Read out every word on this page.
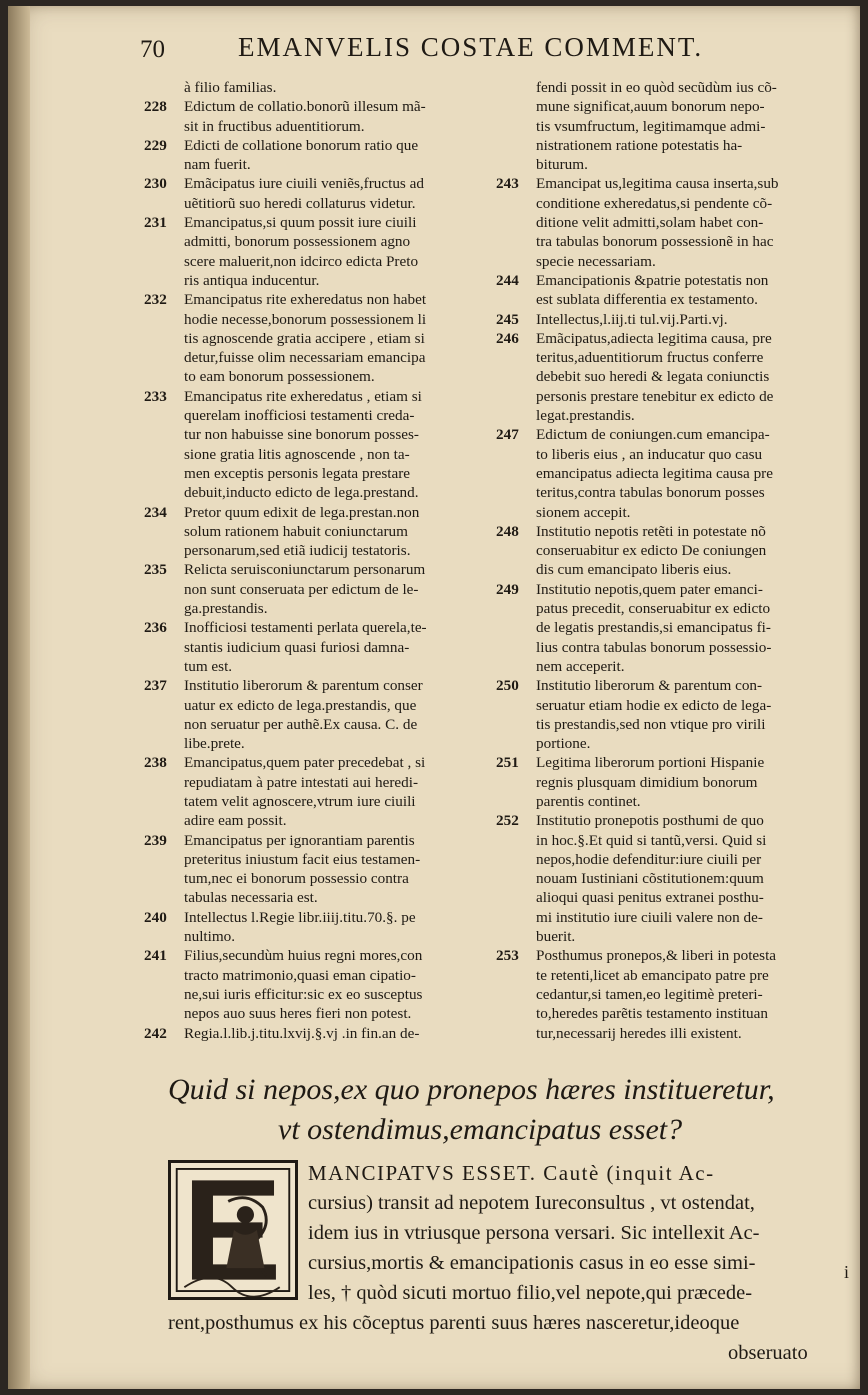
70	EMANVELIS COSTAE COMMENT.
à filio familias.
228	Edictum de collatio.bonorũ illesum mã-
sit in fructibus aduentitiorum.
229	Edicti de collatione bonorum ratio que
nam fuerit.
230	Emãcipatus iure ciuili veniẽs,fructus ad
uẽtitiorũ suo heredi collaturus videtur.
231	Emancipatus,si quum possit iure ciuili
admitti, bonorum possessionem agno
scere maluerit,non idcirco edicta Preto
ris antiqua inducentur.
232	Emancipatus rite exheredatus non habet
hodie necesse,bonorum possessionem li
tis agnoscende gratia accipere , etiam si
detur,fuisse olim necessariam emancipa
to eam bonorum possessionem.
233	Emancipatus rite exheredatus , etiam si
querelam inofficiosi testamenti creda-
tur non habuisse sine bonorum posses-
sione gratia litis agnoscende , non ta-
men exceptis personis legata prestare
debuit,inducto edicto de lega.prestand.
234	Pretor quum edixit de lega.prestan.non
solum rationem habuit coniunctarum
personarum,sed etiã iudicij testatoris.
235	Relicta seruisconiunctarum personarum
non sunt conseruata per edictum de le-
ga.prestandis.
236	Inofficiosi testamenti perlata querela,te-
stantis iudicium quasi furiosi damna-
tum est.
237	Institutio liberorum & parentum conser
uatur ex edicto de lega.prestandis, que
non seruatur per authẽ.Ex causa. C. de
libe.prete.
238	Emancipatus,quem pater precedebat , si
repudiatam à patre intestati aui heredi-
tatem velit agnoscere,vtrum iure ciuili
adire eam possit.
239	Emancipatus per ignorantiam parentis
preteritus iniustum facit eius testamen-
tum,nec ei bonorum possessio contra
tabulas necessaria est.
240	Intellectus l.Regie libr.iiij.titu.70.§. pe
nultimo.
241	Filius,secundùm huius regni mores,con
tracto matrimonio,quasi eman cipatio-
ne,sui iuris efficitur:sic ex eo susceptus
nepos auo suus heres fieri non potest.
242	Regia.l.lib.j.titu.lxvij.§.vj .in fin.an de-
fendi possit in eo quòd secũdùm ius cõ-
mune significat,auum bonorum nepo-
tis vsumfructum, legitimamque admi-
nistrationem ratione potestatis ha-
biturum.
243	Emancipat us,legitima causa inserta,sub
conditione exheredatus,si pendente cõ-
ditione velit admitti,solam habet con-
tra tabulas bonorum possessionẽ in hac
specie necessariam.
244	Emancipationis &patrie potestatis non
est sublata differentia ex testamento.
245	Intellectus,l.iij.ti tul.vij.Parti.vj.
246	Emãcipatus,adiecta legitima causa, pre
teritus,aduentitiorum fructus conferre
debebit suo heredi & legata coniunctis
personis prestare tenebitur ex edicto de
legat.prestandis.
247	Edictum de coniungen.cum emancipa-
to liberis eius , an inducatur quo casu
emancipatus adiecta legitima causa pre
teritus,contra tabulas bonorum posses
sionem accepit.
248	Institutio nepotis retẽti in potestate nõ
conseruabitur ex edicto De coniungen
dis cum emancipato liberis eius.
249	Institutio nepotis,quem pater emanci-
patus precedit, conseruabitur ex edicto
de legatis prestandis,si emancipatus fi-
lius contra tabulas bonorum possessio-
nem acceperit.
250	Institutio liberorum & parentum con-
seruatur etiam hodie ex edicto de lega-
tis prestandis,sed non vtique pro virili
portione.
251	Legitima liberorum portioni Hispanie
regnis plusquam dimidium bonorum
parentis continet.
252	Institutio pronepotis posthumi de quo
in hoc.§.Et quid si tantũ,versi. Quid si
nepos,hodie defenditur:iure ciuili per
nouam Iustiniani cõstitutionem:quum
alioqui quasi penitus extranei posthu-
mi institutio iure ciuili valere non de-
buerit.
253	Posthumus pronepos,& liberi in potesta
te retenti,licet ab emancipato patre pre
cedantur,si tamen,eo legitimè preteri-
to,heredes parẽtis testamento instituan
tur,necessarij heredes illi existent.
Quid si nepos,ex quo pronepos hæres institueretur,
vt ostendimus,emancipatus esset?
MANCIPATVS ESSET. Cautè (inquit Ac-
cursius) transit ad nepotem Iureconsultus , vt ostendat,
idem ius in vtriusque persona versari. Sic intellexit Ac-
cursius,mortis & emancipationis casus in eo esse simi-
les, † quòd sicuti mortuo filio,vel nepote,qui præcede-
rent,posthumus ex his cõceptus parenti suus hæres nasceretur,ideoque
obseruato
i
